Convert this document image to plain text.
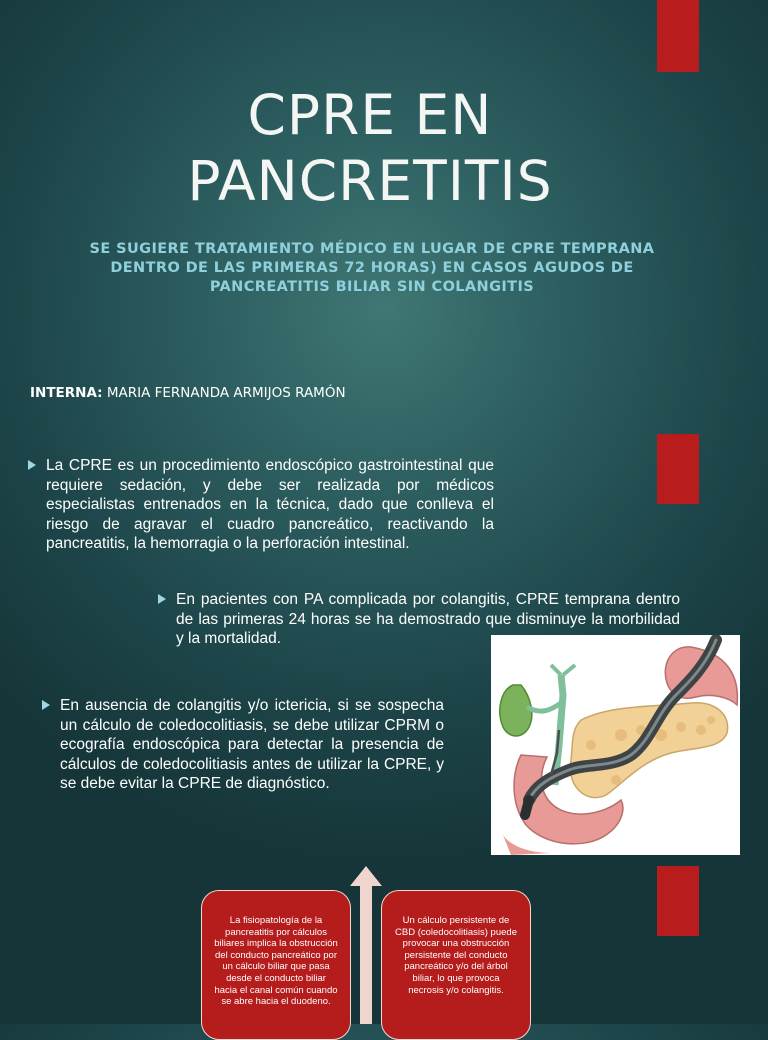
CPRE EN PANCRETITIS
SE SUGIERE TRATAMIENTO MÉDICO EN LUGAR DE CPRE TEMPRANA DENTRO DE LAS PRIMERAS 72 HORAS) EN CASOS AGUDOS DE PANCREATITIS BILIAR SIN COLANGITIS
INTERNA: MARIA FERNANDA ARMIJOS RAMÓN
La CPRE es un procedimiento endoscópico gastrointestinal que requiere sedación, y debe ser realizada por médicos especialistas entrenados en la técnica, dado que conlleva el riesgo de agravar el cuadro pancreático, reactivando la pancreatitis, la hemorragia o la perforación intestinal.
En pacientes con PA complicada por colangitis, CPRE temprana dentro de las primeras 24 horas se ha demostrado que disminuye la morbilidad y la mortalidad.
En ausencia de colangitis y/o ictericia, si se sospecha un cálculo de coledocolitiasis, se debe utilizar CPRM o ecografía endoscópica para detectar la presencia de cálculos de coledocolitiasis antes de utilizar la CPRE, y se debe evitar la CPRE de diagnóstico.
La fisiopatología de la pancreatitis por cálculos biliares implica la obstrucción del conducto pancreático por un cálculo biliar que pasa desde el conducto biliar hacia el canal común cuando se abre hacia el duodeno.
Un cálculo persistente de CBD (coledocolitiasis) puede provocar una obstrucción persistente del conducto pancreático y/o del árbol biliar, lo que provoca necrosis y/o colangitis.
